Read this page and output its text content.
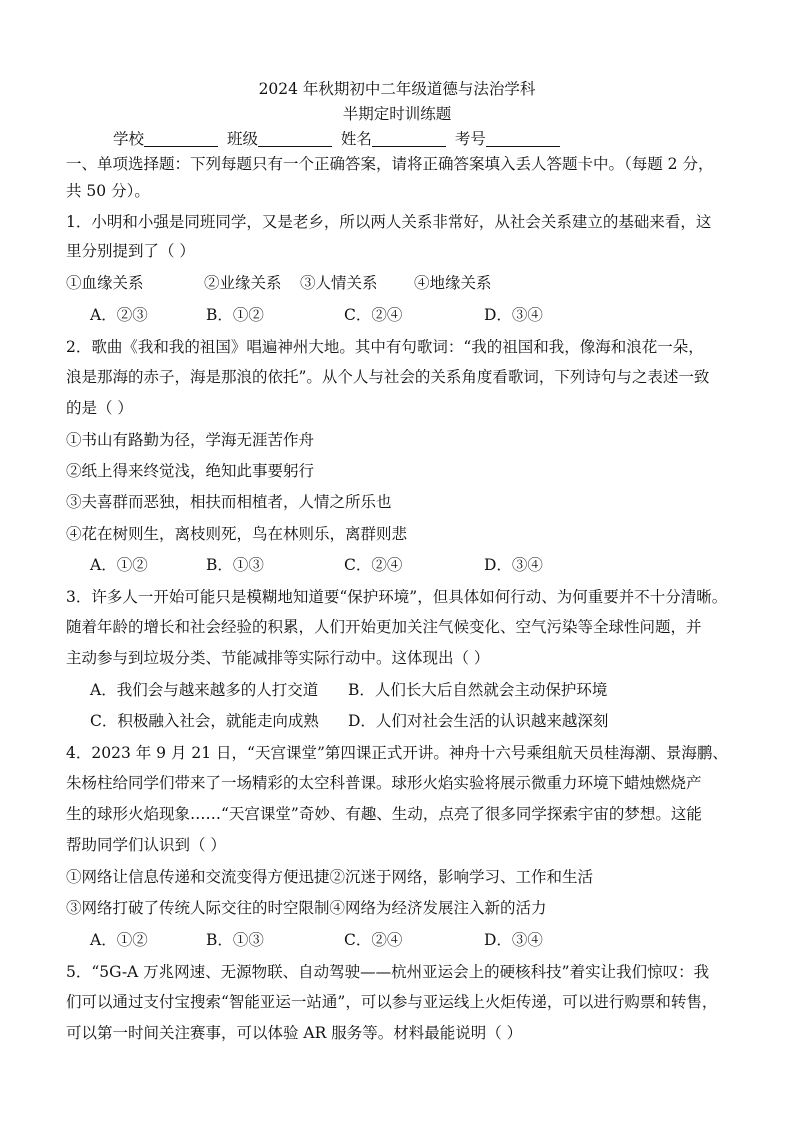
2024 年秋期初中二年级道德与法治学科
半期定时训练题
学校	班级	姓名	考号
一、单项选择题：下列每题只有一个正确答案，请将正确答案填入丢人答题卡中。（每题 2 分，
共 50 分）。
1．小明和小强是同班同学，又是老乡，所以两人关系非常好，从社会关系建立的基础来看，这
里分别提到了（ ）
①血缘关系	②业缘关系 ③人情关系 ④地缘关系
A．②③	B．①②	C．②④	D．③④
2．歌曲《我和我的祖国》唱遍神州大地。其中有句歌词：“我的祖国和我，像海和浪花一朵，
浪是那海的赤子，海是那浪的依托”。从个人与社会的关系角度看歌词，下列诗句与之表述一致
的是（ ）
①书山有路勤为径，学海无涯苦作舟
②纸上得来终觉浅，绝知此事要躬行
③夫喜群而恶独，相扶而相植者，人情之所乐也
④花在树则生，离枝则死，鸟在林则乐，离群则悲
A．①②	B．①③	C．②④	D．③④
3．许多人一开始可能只是模糊地知道要“保护环境”，但具体如何行动、为何重要并不十分清晰。
随着年龄的增长和社会经验的积累，人们开始更加关注气候变化、空气污染等全球性问题，并
主动参与到垃圾分类、节能减排等实际行动中。这体现出（ ）
A．我们会与越来越多的人打交道 B．人们长大后自然就会主动保护环境
C．积极融入社会，就能走向成熟 D．人们对社会生活的认识越来越深刻
4．2023 年 9 月 21 日，“天宫课堂”第四课正式开讲。神舟十六号乘组航天员桂海潮、景海鹏、
朱杨柱给同学们带来了一场精彩的太空科普课。球形火焰实验将展示微重力环境下蜡烛燃烧产
生的球形火焰现象……“天宫课堂”奇妙、有趣、生动，点亮了很多同学探索宇宙的梦想。这能
帮助同学们认识到（ ）
①网络让信息传递和交流变得方便迅捷②沉迷于网络，影响学习、工作和生活
③网络打破了传统人际交往的时空限制④网络为经济发展注入新的活力
A．①②	B．①③	C．②④	D．③④
5．“5G-A 万兆网速、无源物联、自动驾驶——杭州亚运会上的硬核科技”着实让我们惊叹：我
们可以通过支付宝搜索“智能亚运一站通”，可以参与亚运线上火炬传递，可以进行购票和转售，
可以第一时间关注赛事，可以体验 AR 服务等。材料最能说明（ ）
